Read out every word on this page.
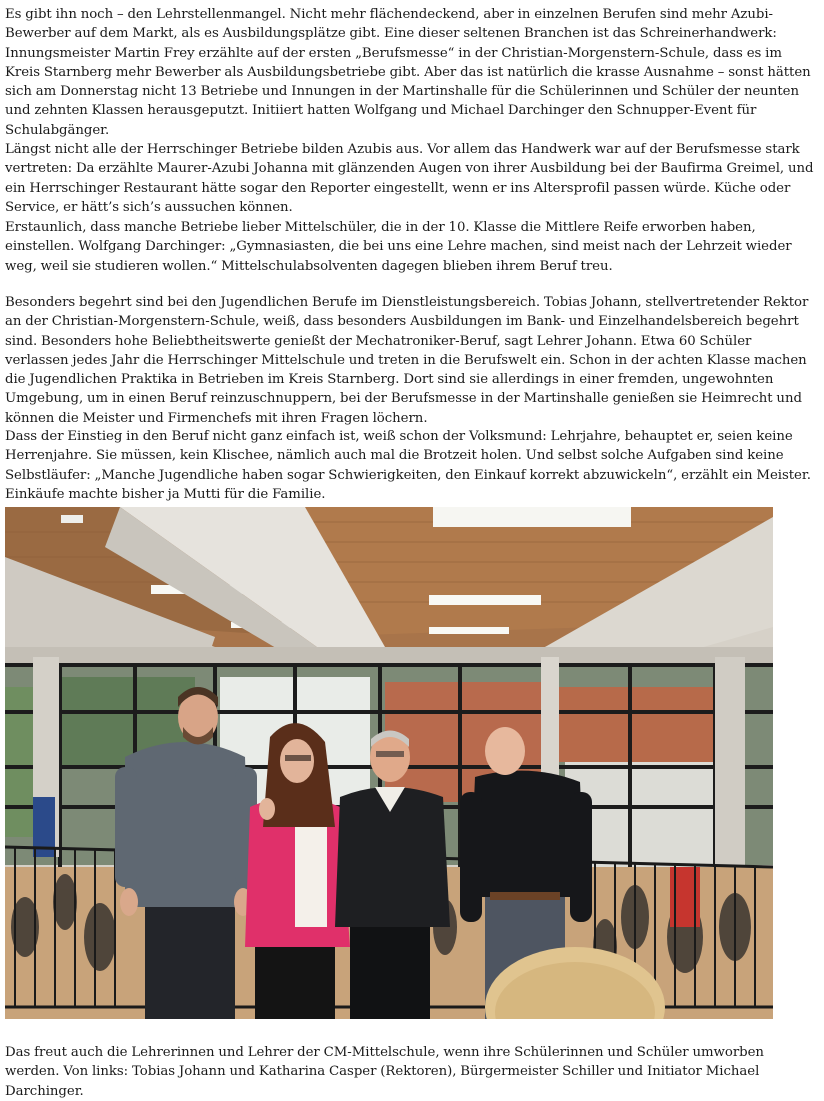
Es gibt ihn noch – den Lehrstellenmangel. Nicht mehr flächendeckend, aber in einzelnen Berufen sind mehr Azubi-Bewerber auf dem Markt, als es Ausbildungsplätze gibt. Eine dieser seltenen Branchen ist das Schreinerhandwerk: Innungsmeister Martin Frey erzählte auf der ersten „Berufsmesse“ in der Christian-Morgenstern-Schule, dass es im Kreis Starnberg mehr Bewerber als Ausbildungsbetriebe gibt. Aber das ist natürlich die krasse Ausnahme – sonst hätten sich am Donnerstag nicht 13 Betriebe und Innungen in der Martinshalle für die Schülerinnen und Schüler der neunten und zehnten Klassen herausgeputzt. Initiiert hatten Wolfgang und Michael Darchinger den Schnupper-Event für Schulabgänger.

Längst nicht alle der Herrschinger Betriebe bilden Azubis aus. Vor allem das Handwerk war auf der Berufsmesse stark vertreten: Da erzählte Maurer-Azubi Johanna mit glänzenden Augen von ihrer Ausbildung bei der Baufirma Greimel, und ein Herrschinger Restaurant hätte sogar den Reporter eingestellt, wenn er ins Altersprofil passen würde. Küche oder Service, er hätt’s sich’s aussuchen können.

Erstaunlich, dass manche Betriebe lieber Mittelschüler, die in der 10. Klasse die Mittlere Reife erworben haben, einstellen. Wolfgang Darchinger: „Gymnasiasten, die bei uns eine Lehre machen, sind meist nach der Lehrzeit wieder weg, weil sie studieren wollen.“ Mittelschulabsolventen dagegen blieben ihrem Beruf treu.

Besonders begehrt sind bei den Jugendlichen Berufe im Dienstleistungsbereich. Tobias Johann, stellvertretender Rektor an der Christian-Morgenstern-Schule, weiß, dass besonders Ausbildungen im Bank- und Einzelhandelsbereich begehrt sind. Besonders hohe Beliebtheitswerte genießt der Mechatroniker-Beruf, sagt Lehrer Johann. Etwa 60 Schüler verlassen jedes Jahr die Herrschinger Mittelschule und treten in die Berufswelt ein. Schon in der achten Klasse machen die Jugendlichen Praktika in Betrieben im Kreis Starnberg. Dort sind sie allerdings in einer fremden, ungewohnten Umgebung, um in einen Beruf reinzuschnuppern, bei der Berufsmesse in der Martinshalle genießen sie Heimrecht und können die Meister und Firmenchefs mit ihren Fragen löchern.

Dass der Einstieg in den Beruf nicht ganz einfach ist, weiß schon der Volksmund: Lehrjahre, behauptet er, seien keine Herrenjahre. Sie müssen, kein Klischee, nämlich auch mal die Brotzeit holen. Und selbst solche Aufgaben sind keine Selbstläufer: „Manche Jugendliche haben sogar Schwierigkeiten, den Einkauf korrekt abzuwickeln“, erzählt ein Meister. Einkäufe machte bisher ja Mutti für die Familie.

Das freut auch die Lehrerinnen und Lehrer der CM-Mittelschule, wenn ihre Schülerinnen und Schüler umworben werden. Von links: Tobias Johann und Katharina Casper (Rektoren), Bürgermeister Schiller und Initiator Michael Darchinger.
